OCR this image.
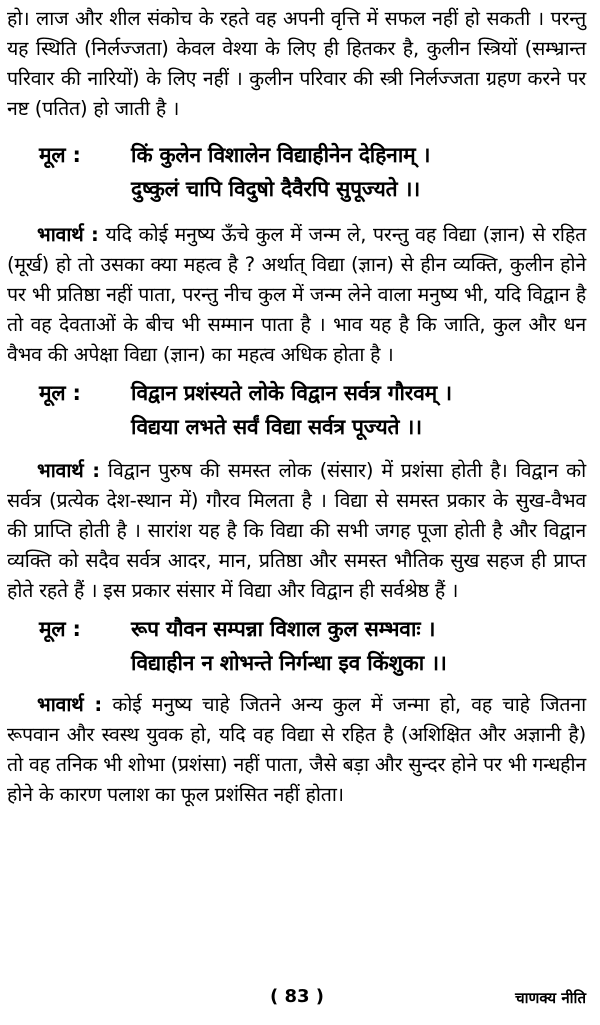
हो। लाज और शील संकोच के रहते वह अपनी वृत्ति में सफल नहीं हो सकती । परन्तु यह स्थिति (निर्लज्जता) केवल वेश्या के लिए ही हितकर है, कुलीन स्त्रियों (सम्भ्रान्त परिवार की नारियों) के लिए नहीं । कुलीन परिवार की स्त्री निर्लज्जता ग्रहण करने पर नष्ट (पतित) हो जाती है ।

मूल :	किं कुलेन विशालेन विद्याहीनेन देहिनाम् ।
दुष्कुलं चापि विदुषो दैवैरपि सुपूज्यते ।।

भावार्थ : यदि कोई मनुष्य ऊँचे कुल में जन्म ले, परन्तु वह विद्या (ज्ञान) से रहित (मूर्ख) हो तो उसका क्या महत्व है ? अर्थात् विद्या (ज्ञान) से हीन व्यक्ति, कुलीन होने पर भी प्रतिष्ठा नहीं पाता, परन्तु नीच कुल में जन्म लेने वाला मनुष्य भी, यदि विद्वान है तो वह देवताओं के बीच भी सम्मान पाता है । भाव यह है कि जाति, कुल और धन वैभव की अपेक्षा विद्या (ज्ञान) का महत्व अधिक होता है ।

मूल :	विद्वान प्रशंस्यते लोके विद्वान सर्वत्र गौरवम् ।
विद्यया लभते सर्वं विद्या सर्वत्र पूज्यते ।।

भावार्थ : विद्वान पुरुष की समस्त लोक (संसार) में प्रशंसा होती है। विद्वान को सर्वत्र (प्रत्येक देश-स्थान में) गौरव मिलता है । विद्या से समस्त प्रकार के सुख-वैभव की प्राप्ति होती है । सारांश यह है कि विद्या की सभी जगह पूजा होती है और विद्वान व्यक्ति को सदैव सर्वत्र आदर, मान, प्रतिष्ठा और समस्त भौतिक सुख सहज ही प्राप्त होते रहते हैं । इस प्रकार संसार में विद्या और विद्वान ही सर्वश्रेष्ठ हैं ।

मूल :	रूप यौवन सम्पन्ना विशाल कुल सम्भवाः ।
विद्याहीन न शोभन्ते निर्गन्धा इव किंशुका ।।

भावार्थ : कोई मनुष्य चाहे जितने अन्य कुल में जन्मा हो, वह चाहे जितना रूपवान और स्वस्थ युवक हो, यदि वह विद्या से रहित है (अशिक्षित और अज्ञानी है) तो वह तनिक भी शोभा (प्रशंसा) नहीं पाता, जैसे बड़ा और सुन्दर होने पर भी गन्धहीन होने के कारण पलाश का फूल प्रशंसित नहीं होता।

( 83 )	चाणक्य नीति
